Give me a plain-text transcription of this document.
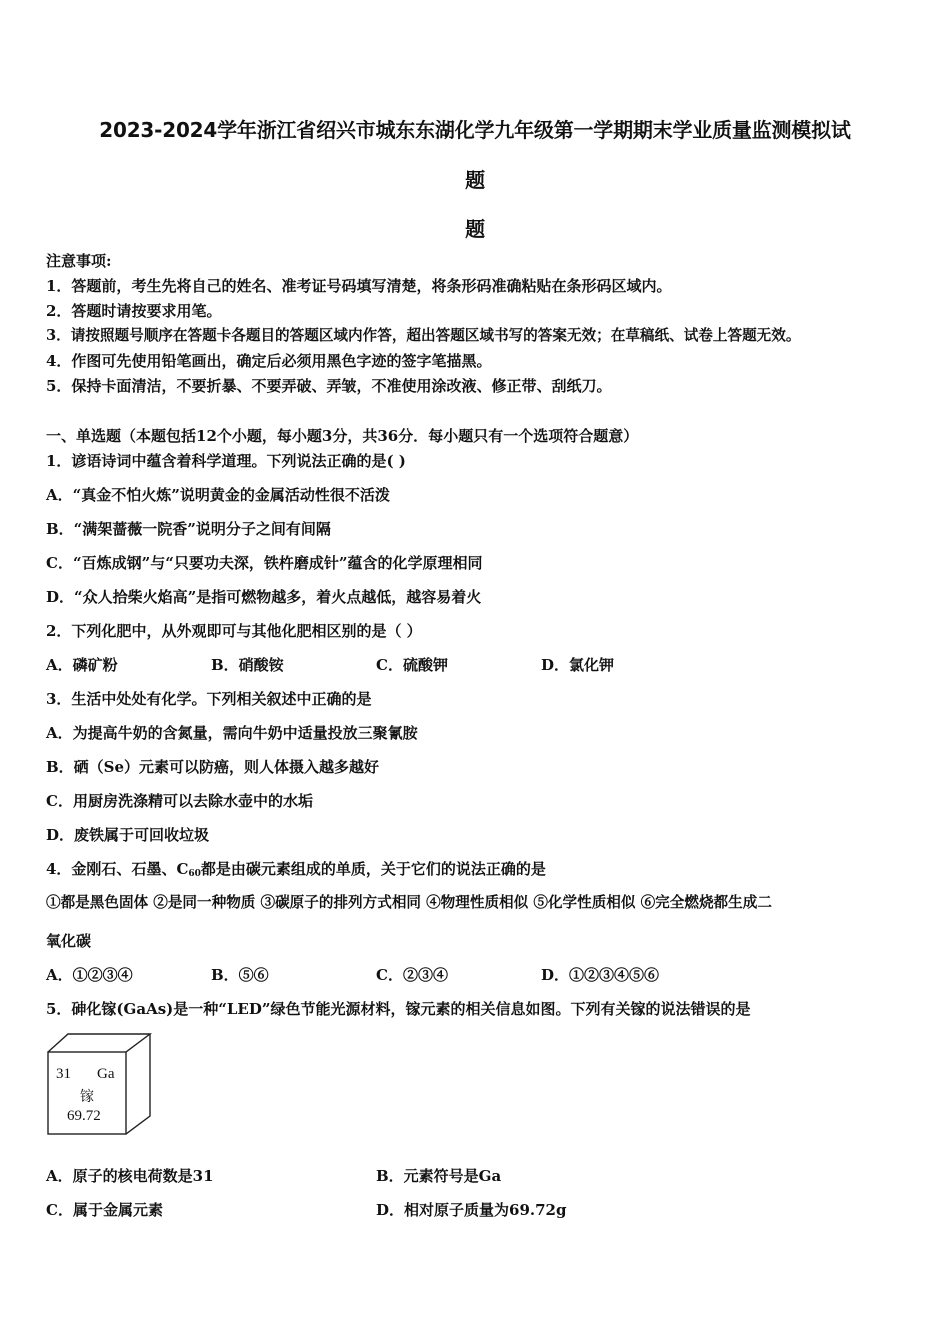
2023-2024学年浙江省绍兴市城东东湖化学九年级第一学期期末学业质量监测模拟试
题
题
注意事项:
1．答题前，考生先将自己的姓名、准考证号码填写清楚，将条形码准确粘贴在条形码区域内。
2．答题时请按要求用笔。
3．请按照题号顺序在答题卡各题目的答题区域内作答，超出答题区域书写的答案无效；在草稿纸、试卷上答题无效。
4．作图可先使用铅笔画出，确定后必须用黑色字迹的签字笔描黑。
5．保持卡面清洁，不要折暴、不要弄破、弄皱，不准使用涂改液、修正带、刮纸刀。
一、单选题（本题包括12个小题，每小题3分，共36分．每小题只有一个选项符合题意）
1．谚语诗词中蕴含着科学道理。下列说法正确的是( )
A．“真金不怕火炼”说明黄金的金属活动性很不活泼
B．“满架蔷薇一院香”说明分子之间有间隔
C．“百炼成钢”与“只要功夫深，铁杵磨成针”蕴含的化学原理相同
D．“众人拾柴火焰高”是指可燃物越多，着火点越低，越容易着火
2．下列化肥中，从外观即可与其他化肥相区别的是（ ）
A．磷矿粉	B．硝酸铵	C．硫酸钾	D．氯化钾
3．生活中处处有化学。下列相关叙述中正确的是
A．为提高牛奶的含氮量，需向牛奶中适量投放三聚氰胺
B．硒（Se）元素可以防癌，则人体摄入越多越好
C．用厨房洗涤精可以去除水壶中的水垢
D．废铁属于可回收垃圾
4．金刚石、石墨、$C_{60}$都是由碳元素组成的单质，关于它们的说法正确的是
①都是黑色固体 ②是同一种物质 ③碳原子的排列方式相同 ④物理性质相似 ⑤化学性质相似 ⑥完全燃烧都生成二
氧化碳
A．①②③④	B．⑤⑥	C．②③④	D．①②③④⑤⑥
5．砷化镓(GaAs)是一种“LED”绿色节能光源材料，镓元素的相关信息如图。下列有关镓的说法错误的是
31 Ga
镓
69.72
A．原子的核电荷数是31	B．元素符号是Ga
C．属于金属元素	D．相对原子质量为69.72g
